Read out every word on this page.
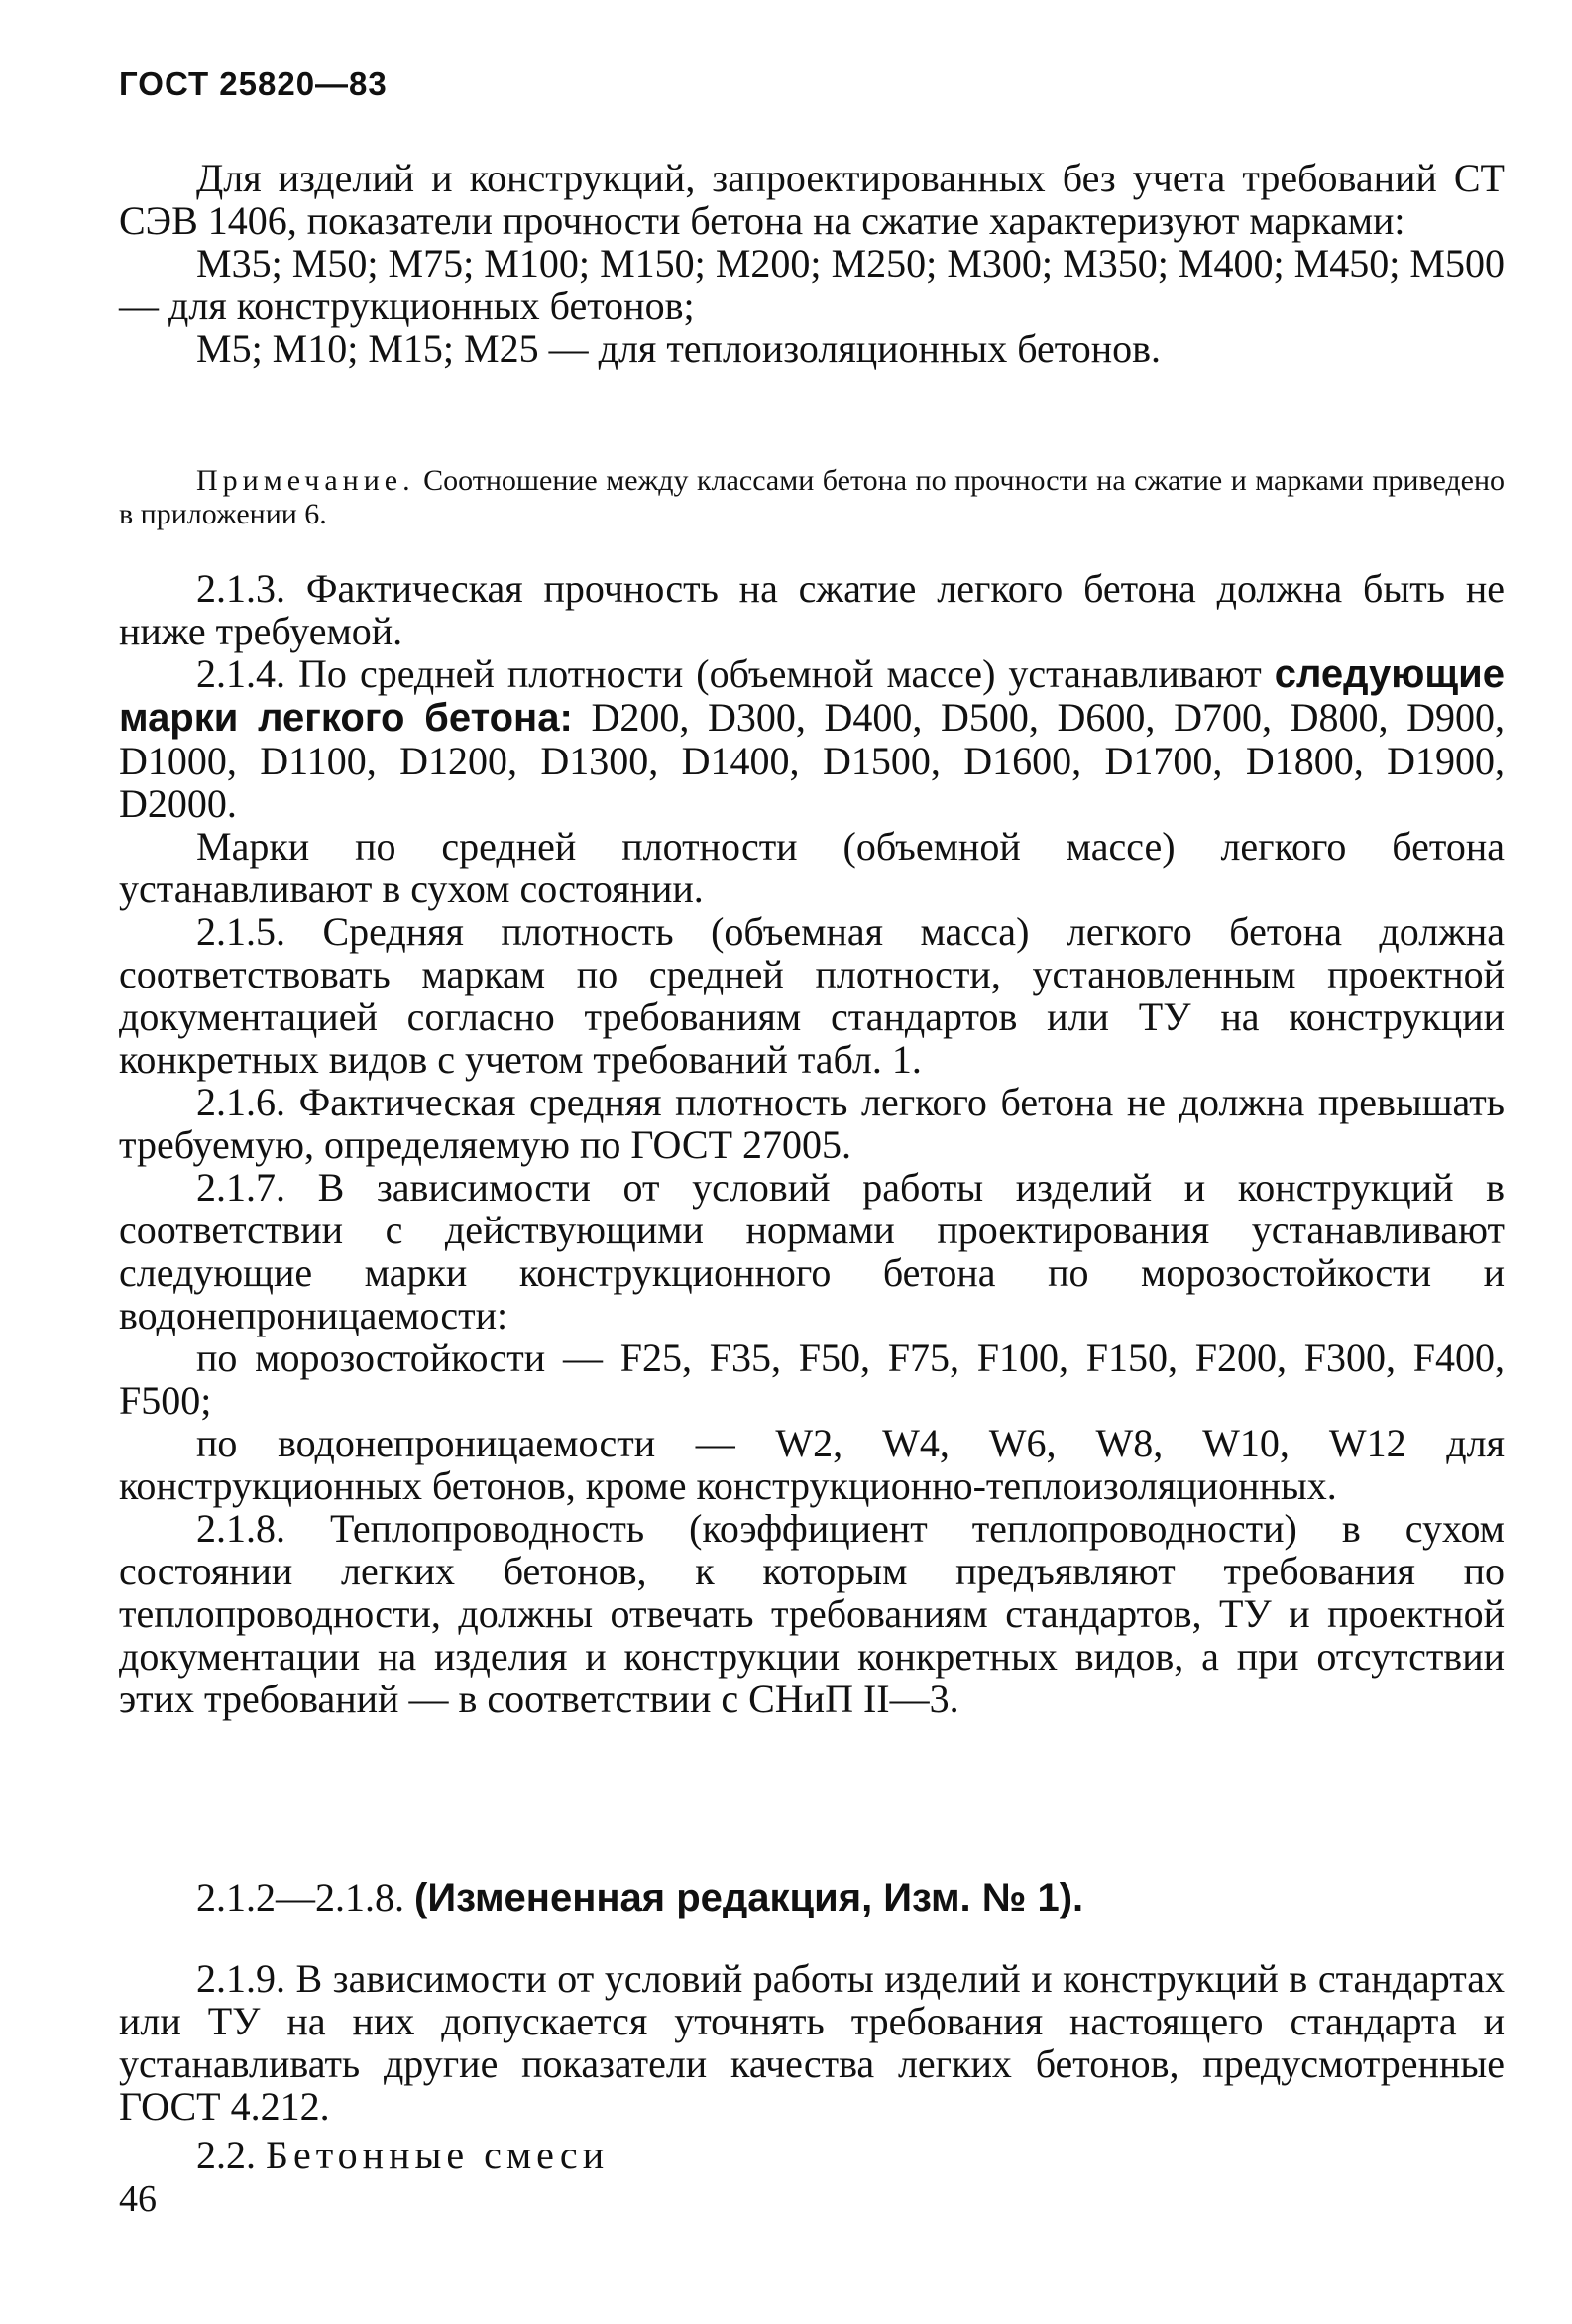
ГОСТ 25820—83

Для изделий и конструкций, запроектированных без учета требований СТ СЭВ 1406, показатели прочности бетона на сжатие характеризуют марками:

М35; М50; М75; М100; М150; М200; М250; М300; М350; М400; М450; М500 — для конструкционных бетонов;

М5; М10; М15; М25 — для теплоизоляционных бетонов.

Примечание. Соотношение между классами бетона по прочности на сжатие и марками приведено в приложении 6.

2.1.3. Фактическая прочность на сжатие легкого бетона должна быть не ниже требуемой.

2.1.4. По средней плотности (объемной массе) устанавливают следующие марки легкого бетона: D200, D300, D400, D500, D600, D700, D800, D900, D1000, D1100, D1200, D1300, D1400, D1500, D1600, D1700, D1800, D1900, D2000.

Марки по средней плотности (объемной массе) легкого бетона устанавливают в сухом состоянии.

2.1.5. Средняя плотность (объемная масса) легкого бетона должна соответствовать маркам по средней плотности, установленным проектной документацией согласно требованиям стандартов или ТУ на конструкции конкретных видов с учетом требований табл. 1.

2.1.6. Фактическая средняя плотность легкого бетона не должна превышать требуемую, определяемую по ГОСТ 27005.

2.1.7. В зависимости от условий работы изделий и конструкций в соответствии с действующими нормами проектирования устанавливают следующие марки конструкционного бетона по морозостойкости и водонепроницаемости:

по морозостойкости — F25, F35, F50, F75, F100, F150, F200, F300, F400, F500;

по водонепроницаемости — W2, W4, W6, W8, W10, W12 для конструкционных бетонов, кроме конструкционно-теплоизоляционных.

2.1.8. Теплопроводность (коэффициент теплопроводности) в сухом состоянии легких бетонов, к которым предъявляют требования по теплопроводности, должны отвечать требованиям стандартов, ТУ и проектной документации на изделия и конструкции конкретных видов, а при отсутствии этих требований — в соответствии с СНиП II—3.

2.1.2—2.1.8. (Измененная редакция, Изм. № 1).

2.1.9. В зависимости от условий работы изделий и конструкций в стандартах или ТУ на них допускается уточнять требования настоящего стандарта и устанавливать другие показатели качества легких бетонов, предусмотренные ГОСТ 4.212.

2.2. Бетонные смеси

46
